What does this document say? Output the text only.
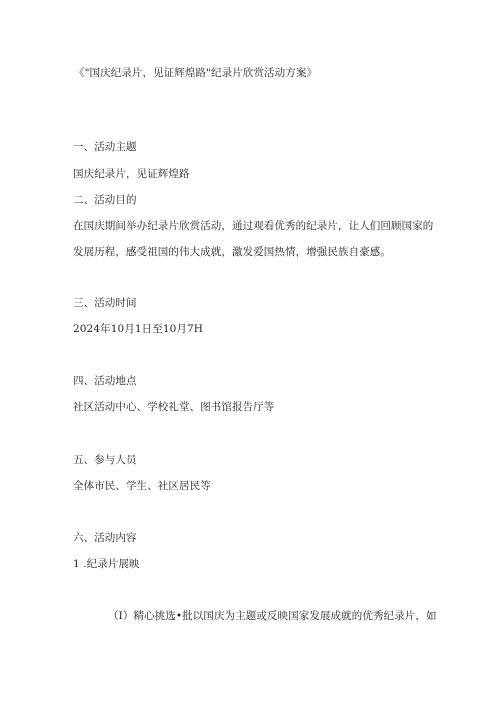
《"国庆纪录片，见证辉煌路"纪录片欣赏活动方案》
一、活动主题
国庆纪录片，见证辉煌路
二、活动目的
在国庆期间举办纪录片欣赏活动，通过观看优秀的纪录片，让人们回顾国家的
发展历程，感受祖国的伟大成就，激发爱国热情，增强民族自豪感。
三、活动时间
2024年10月1日至10月7H
四、活动地点
社区活动中心、学校礼堂、图书馆报告厅等
五、参与人员
全体市民、学生、社区居民等
六、活动内容
1 .纪录片展映
（I）精心挑选•批以国庆为主题或反映国家发展成就的优秀纪录片，如
